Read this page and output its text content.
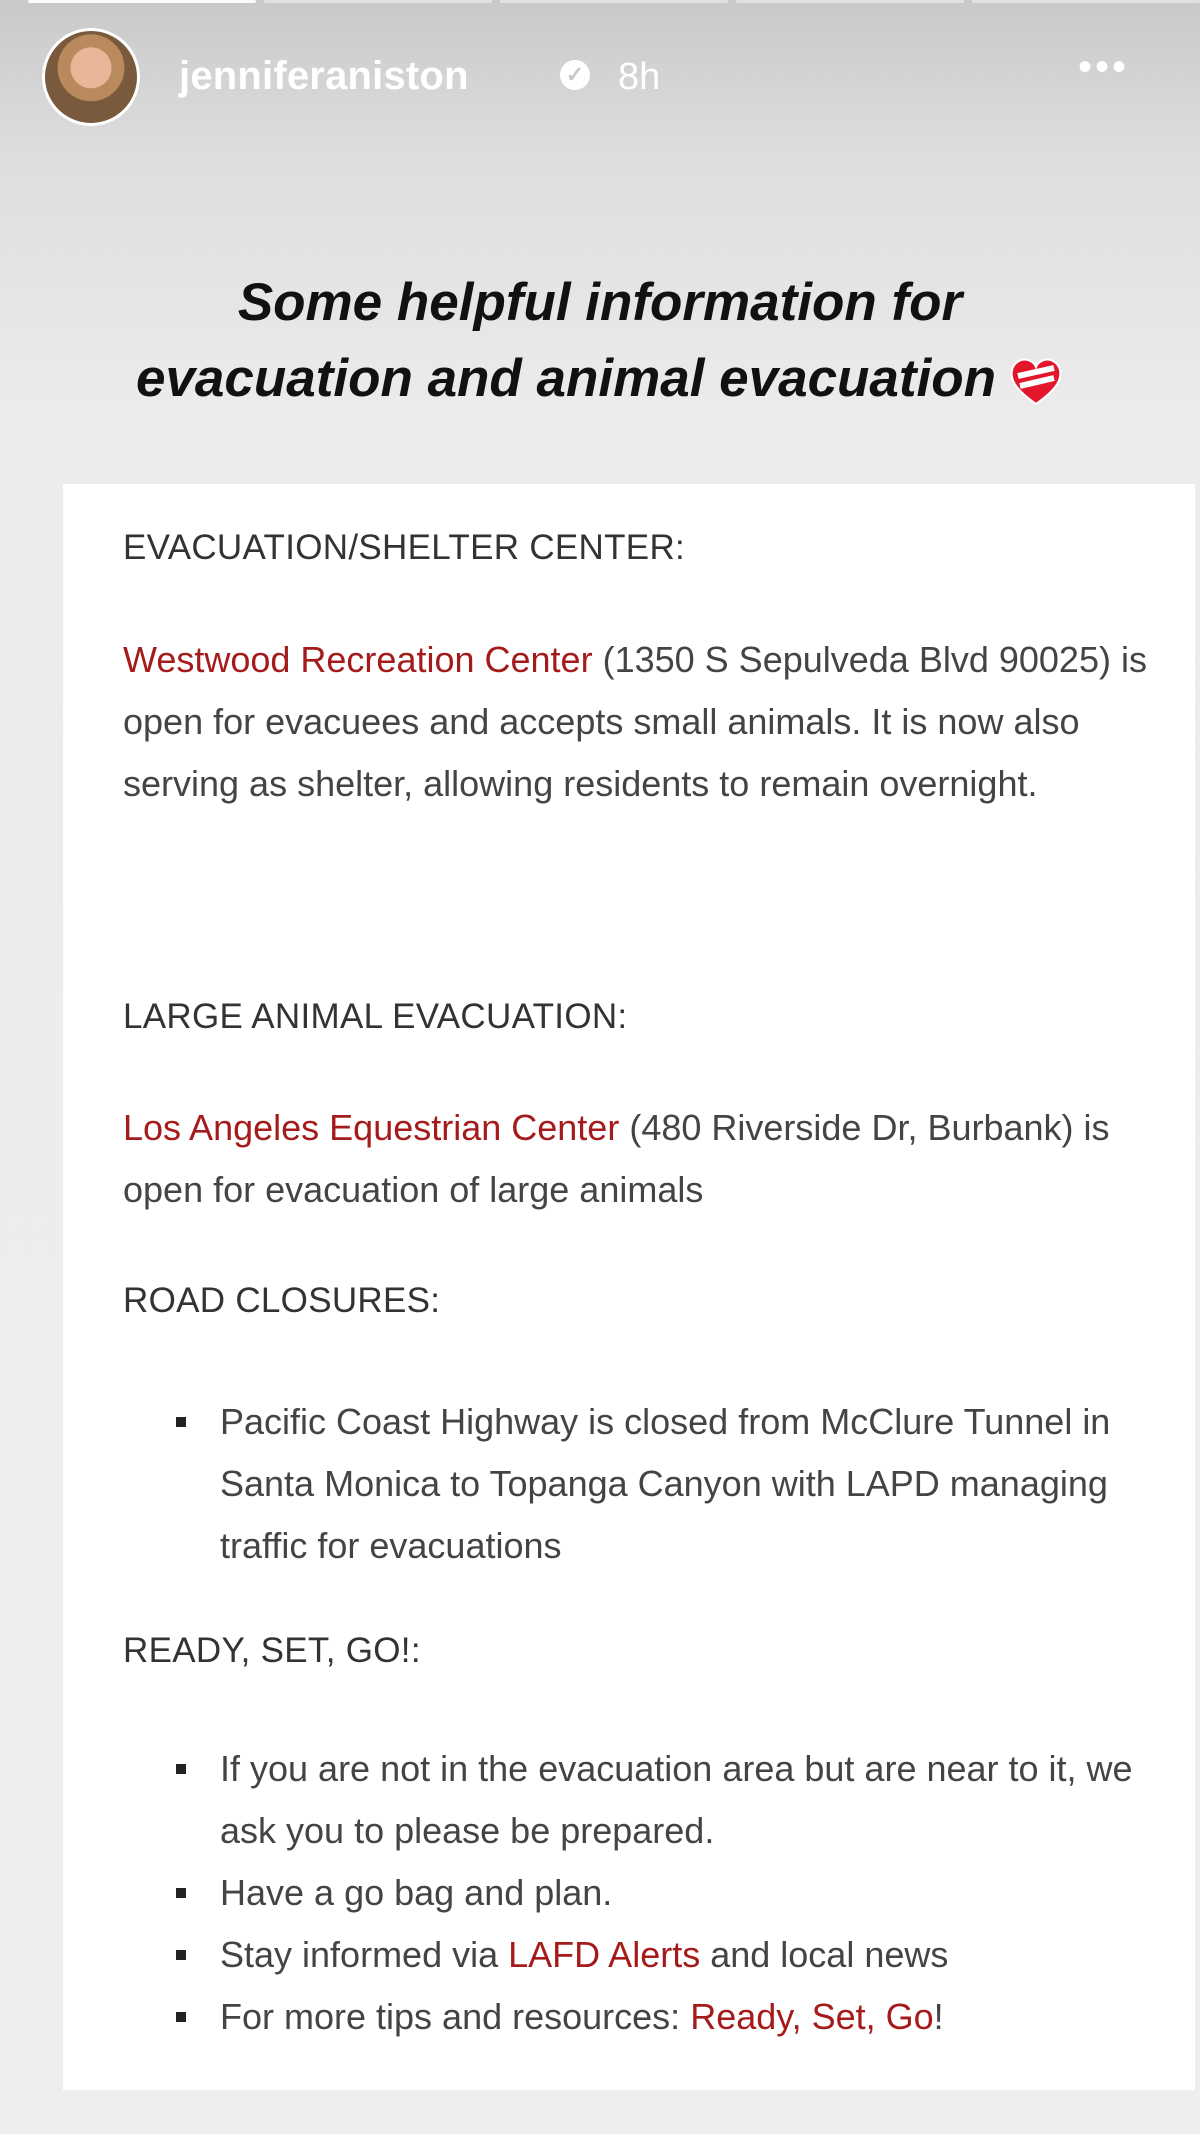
jenniferaniston	✓ 8h	•••
Some helpful information for
evacuation and animal evacuation
EVACUATION/SHELTER CENTER:
Westwood Recreation Center (1350 S Sepulveda Blvd 90025) is open for evacuees and accepts small animals. It is now also serving as shelter, allowing residents to remain overnight.
LARGE ANIMAL EVACUATION:
Los Angeles Equestrian Center (480 Riverside Dr, Burbank) is open for evacuation of large animals
ROAD CLOSURES:
Pacific Coast Highway is closed from McClure Tunnel in Santa Monica to Topanga Canyon with LAPD managing traffic for evacuations
READY, SET, GO!:
If you are not in the evacuation area but are near to it, we ask you to please be prepared.
Have a go bag and plan.
Stay informed via LAFD Alerts and local news
For more tips and resources: Ready, Set, Go!
